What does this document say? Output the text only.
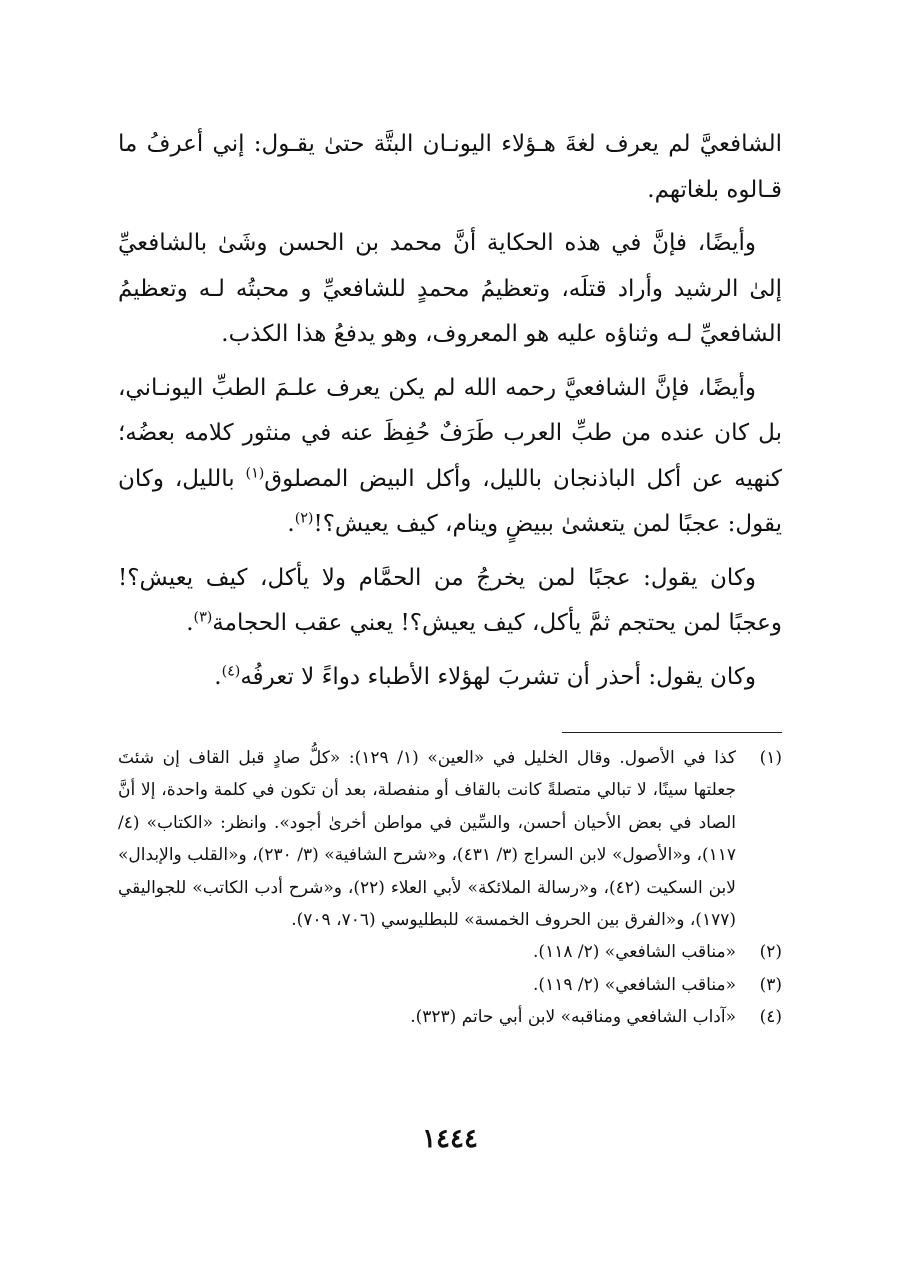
الشافعيَّ لم يعرف لغةَ هـؤلاء اليونـان البتَّة حتىٰ يقـول: إني أعرفُ ما قـالوه بلغاتهم.

وأيضًا، فإنَّ في هذه الحكاية أنَّ محمد بن الحسن وشَىٰ بالشافعيِّ إلىٰ الرشيد وأراد قتلَه، وتعظيمُ محمدٍ للشافعيِّ و محبتُه لـه وتعظيمُ الشافعيِّ لـه وثناؤه عليه هو المعروف، وهو يدفعُ هذا الكذب.

وأيضًا، فإنَّ الشافعيَّ رحمه الله لم يكن يعرف علـمَ الطبِّ اليونـاني، بل كان عنده من طبِّ العرب طَرَفٌ حُفِظَ عنه في منثور كلامه بعضُه؛ كنهيه عن أكل الباذنجان بالليل، وأكل البيض المصلوق$^{(١)}$ بالليل، وكان يقول: عجبًا لمن يتعشىٰ ببيضٍ وينام، كيف يعيش؟!$^{(٢)}$.

وكان يقول: عجبًا لمن يخرجُ من الحمَّام ولا يأكل، كيف يعيش؟! وعجبًا لمن يحتجم ثمَّ يأكل، كيف يعيش؟! يعني عقب الحجامة$^{(٣)}$.

وكان يقول: أحذر أن تشربَ لهؤلاء الأطباء دواءً لا تعرفُه$^{(٤)}$.

(١)
كذا في الأصول. وقال الخليل في «العين» (١/ ١٢٩): «كلُّ صادٍ قبل القاف إن شئتَ جعلتها سينًا، لا تبالي متصلةً كانت بالقاف أو منفصلة، بعد أن تكون في كلمة واحدة، إلا أنَّ الصاد في بعض الأحيان أحسن، والسِّين في مواطن أخرىٰ أجود». وانظر: «الكتاب» (٤/ ١١٧)، و«الأصول» لابن السراج (٣/ ٤٣١)، و«شرح الشافية» (٣/ ٢٣٠)، و«القلب والإبدال» لابن السكيت (٤٢)، و«رسالة الملائكة» لأبي العلاء (٢٢)، و«شرح أدب الكاتب» للجواليقي (١٧٧)، و«الفرق بين الحروف الخمسة» للبطليوسي (٧٠٦، ٧٠٩).
(٢)
«مناقب الشافعي» (٢/ ١١٨).
(٣)
«مناقب الشافعي» (٢/ ١١٩).
(٤)
«آداب الشافعي ومناقبه» لابن أبي حاتم (٣٢٣).
١٤٤٤
